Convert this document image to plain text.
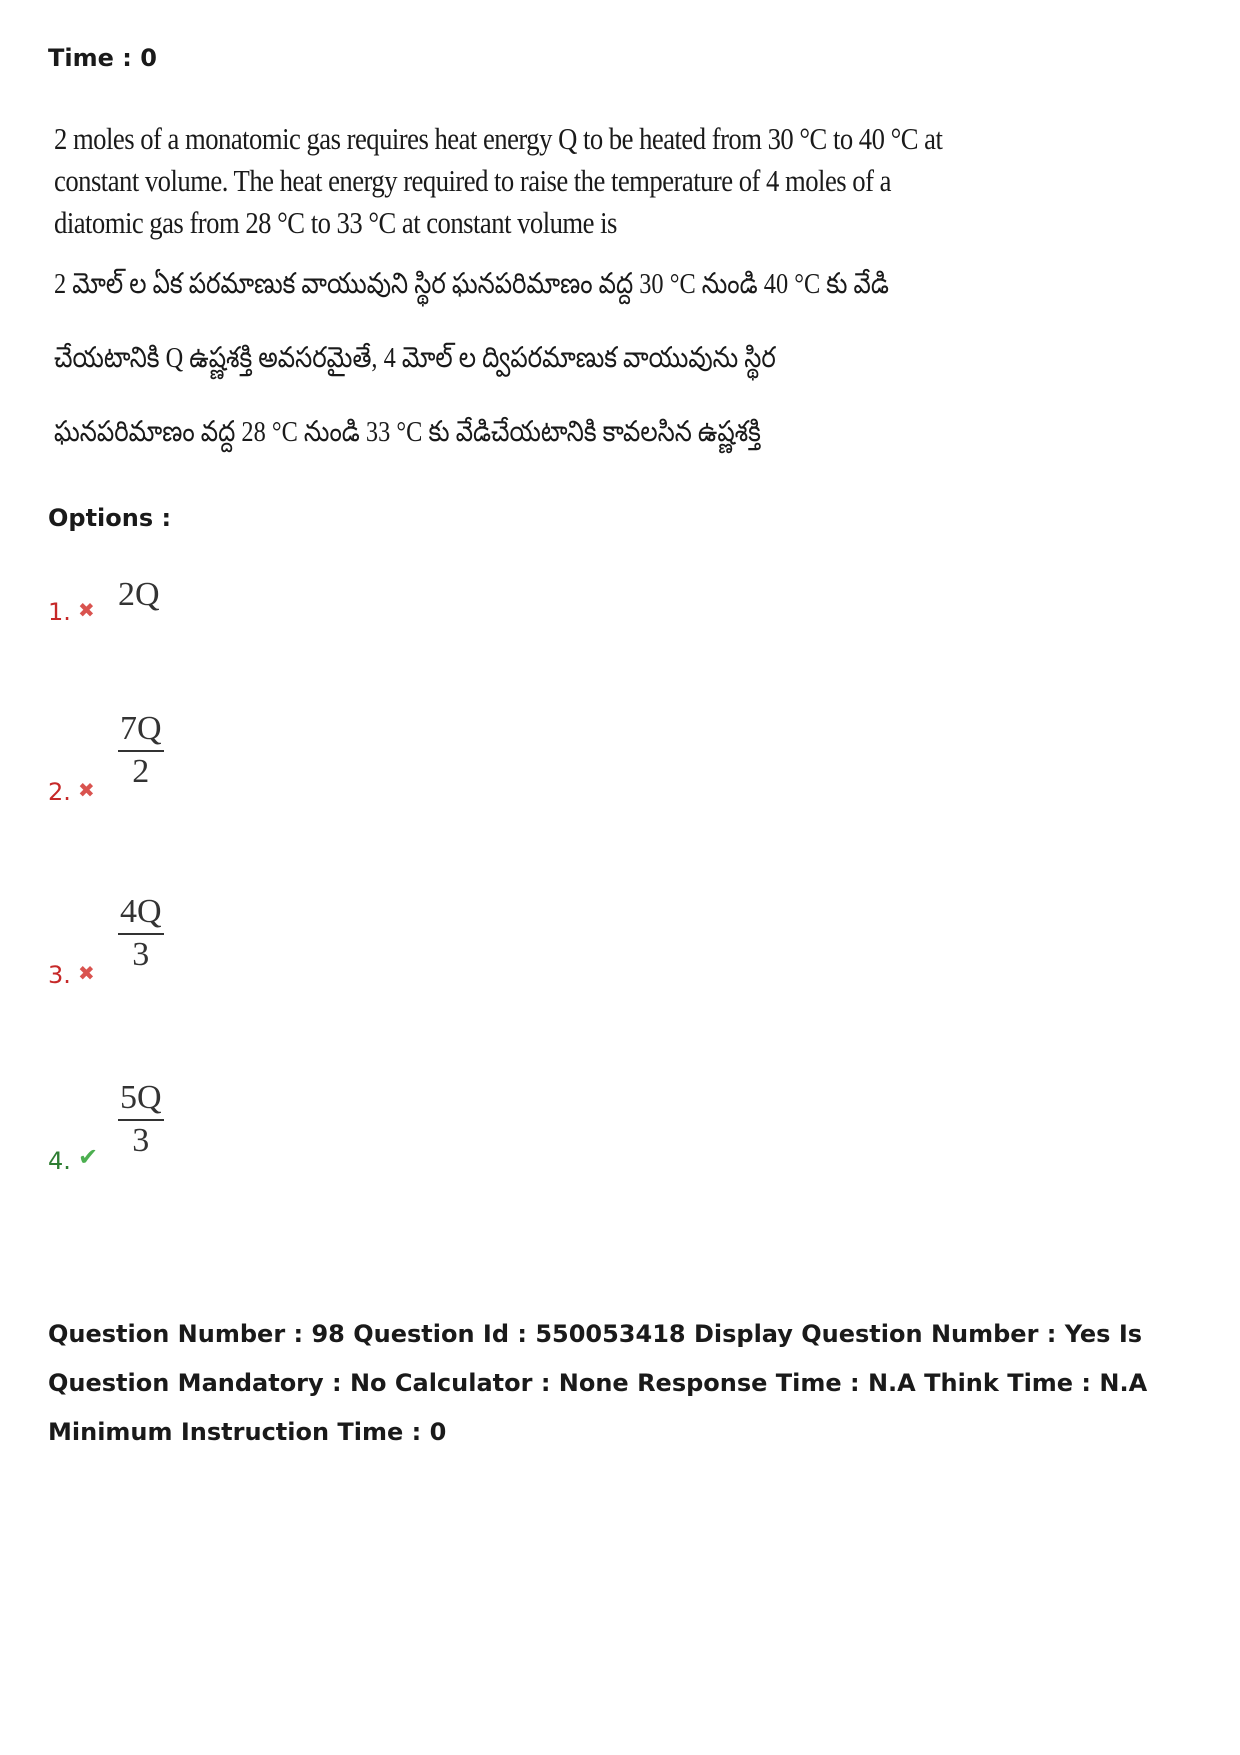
Time : 0
2 moles of a monatomic gas requires heat energy Q to be heated from 30 °C to 40 °C at constant volume. The heat energy required to raise the temperature of 4 moles of a diatomic gas from 28 °C to 33 °C at constant volume is
2 మోల్ ల ఏక పరమాణుక వాయువుని స్థిర ఘనపరిమాణం వద్ద 30 °C నుండి 40 °C కు వేడి
చేయటానికి Q ఉష్ణశక్తి అవసరమైతే, 4 మోల్ ల ద్విపరమాణుక వాయువును స్థిర
ఘనపరిమాణం వద్ద 28 °C నుండి 33 °C కు వేడిచేయటానికి కావలసిన ఉష్ణశక్తి
Options :
1. ✖ 2Q
2. ✖ $\frac{7Q}{2}$
3. ✖ $\frac{4Q}{3}$
4. ✔ $\frac{5Q}{3}$
Question Number : 98 Question Id : 550053418 Display Question Number : Yes Is Question Mandatory : No Calculator : None Response Time : N.A Think Time : N.A Minimum Instruction Time : 0
